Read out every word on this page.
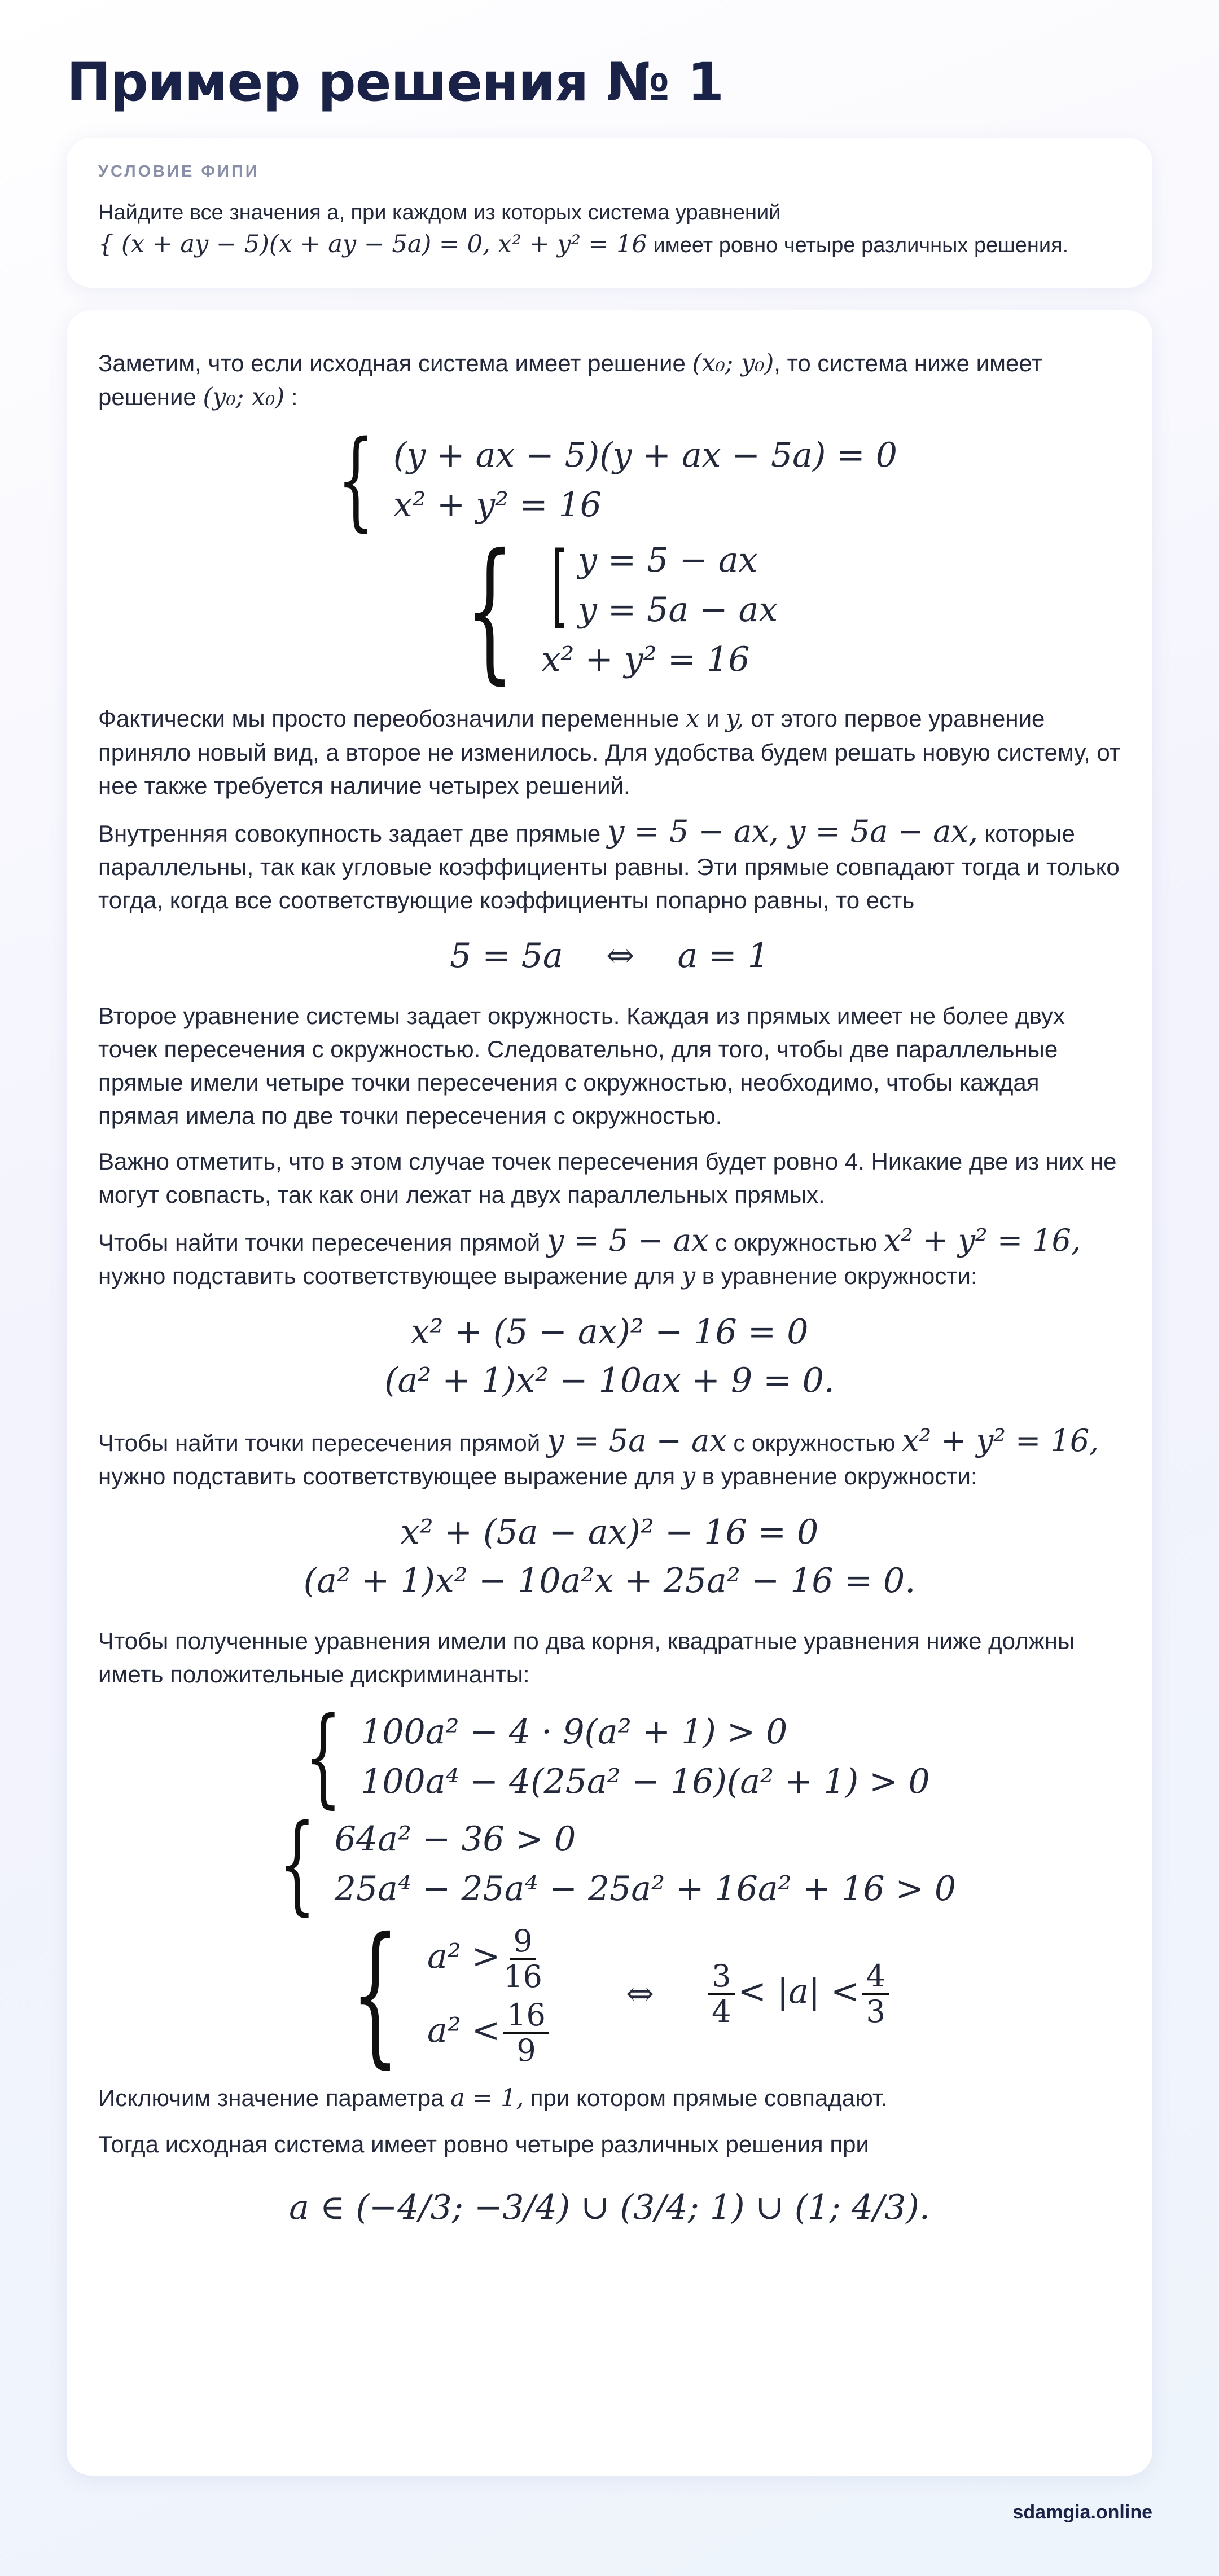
Пример решения № 1
УСЛОВИЕ ФИПИ
Найдите все значения a, при каждом из которых система уравнений
{ (x + ay − 5)(x + ay − 5a) = 0, x² + y² = 16 имеет ровно четыре различных решения.

Заметим, что если исходная система имеет решение (x₀; y₀), то система ниже имеет решение (y₀; x₀) :

{ (y + ax − 5)(y + ax − 5a) = 0
x² + y² = 16
{ [ y = 5 − ax
y = 5a − ax
x² + y² = 16

Фактически мы просто переобозначили переменные x и y, от этого первое уравнение приняло новый вид, а второе не изменилось. Для удобства будем решать новую систему, от нее также требуется наличие четырех решений.

Внутренняя совокупность задает две прямые y = 5 − ax, y = 5a − ax, которые параллельны, так как угловые коэффициенты равны. Эти прямые совпадают тогда и только тогда, когда все соответствующие коэффициенты попарно равны, то есть

5 = 5a    ⇔    a = 1

Второе уравнение системы задает окружность. Каждая из прямых имеет не более двух точек пересечения с окружностью. Следовательно, для того, чтобы две параллельные прямые имели четыре точки пересечения с окружностью, необходимо, чтобы каждая прямая имела по две точки пересечения с окружностью.

Важно отметить, что в этом случае точек пересечения будет ровно 4. Никакие две из них не могут совпасть, так как они лежат на двух параллельных прямых.

Чтобы найти точки пересечения прямой y = 5 − ax с окружностью x² + y² = 16, нужно подставить соответствующее выражение для y в уравнение окружности:

x² + (5 − ax)² − 16 = 0
(a² + 1)x² − 10ax + 9 = 0.

Чтобы найти точки пересечения прямой y = 5a − ax с окружностью x² + y² = 16, нужно подставить соответствующее выражение для y в уравнение окружности:

x² + (5a − ax)² − 16 = 0
(a² + 1)x² − 10a²x + 25a² − 16 = 0.

Чтобы полученные уравнения имели по два корня, квадратные уравнения ниже должны иметь положительные дискриминанты:

{ 100a² − 4 · 9(a² + 1) > 0
100a⁴ − 4(25a² − 16)(a² + 1) > 0
{ 64a² − 36 > 0
25a⁴ − 25a⁴ − 25a² + 16a² + 16 > 0
{ $a^2 > \frac{9}{16}$
$a^2 < \frac{16}{9}$
⇔ $\frac{3}{4} < |a| < \frac{4}{3}$

Исключим значение параметра a = 1, при котором прямые совпадают.

Тогда исходная система имеет ровно четыре различных решения при

a ∈ (−4/3; −3/4) ∪ (3/4; 1) ∪ (1; 4/3).
sdamgia.online
